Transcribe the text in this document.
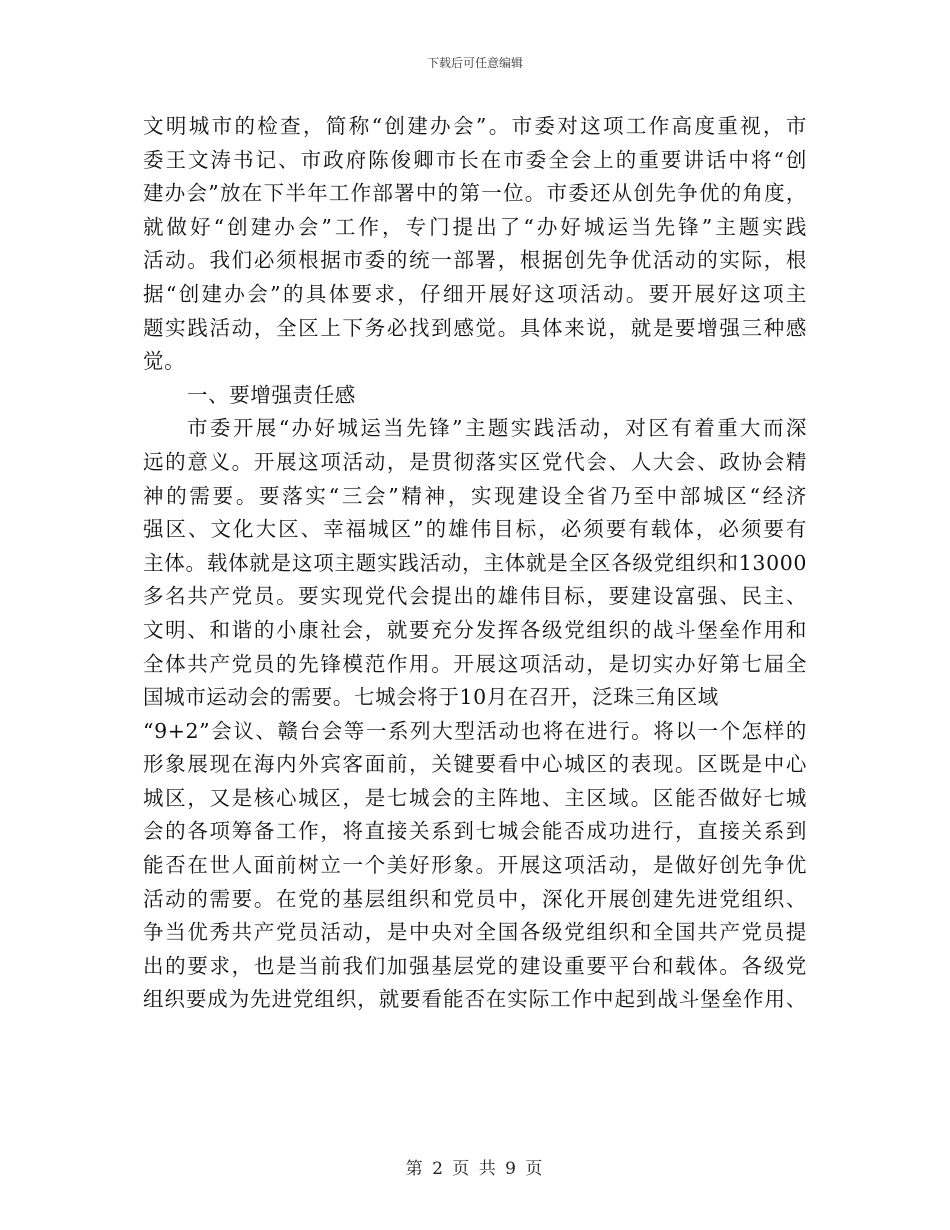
下载后可任意编辑
文明城市的检查，简称“创建办会”。市委对这项工作高度重视，市
委王文涛书记、市政府陈俊卿市长在市委全会上的重要讲话中将“创
建办会”放在下半年工作部署中的第一位。市委还从创先争优的角度，
就做好“创建办会”工作，专门提出了“办好城运当先锋”主题实践
活动。我们必须根据市委的统一部署，根据创先争优活动的实际，根
据“创建办会”的具体要求，仔细开展好这项活动。要开展好这项主
题实践活动，全区上下务必找到感觉。具体来说，就是要增强三种感
觉。
一、要增强责任感
市委开展“办好城运当先锋”主题实践活动，对区有着重大而深
远的意义。开展这项活动，是贯彻落实区党代会、人大会、政协会精
神的需要。要落实“三会”精神，实现建设全省乃至中部城区“经济
强区、文化大区、幸福城区”的雄伟目标，必须要有载体，必须要有
主体。载体就是这项主题实践活动，主体就是全区各级党组织和13000
多名共产党员。要实现党代会提出的雄伟目标，要建设富强、民主、
文明、和谐的小康社会，就要充分发挥各级党组织的战斗堡垒作用和
全体共产党员的先锋模范作用。开展这项活动，是切实办好第七届全
国城市运动会的需要。七城会将于10月在召开，泛珠三角区域
“9+2”会议、赣台会等一系列大型活动也将在进行。将以一个怎样的
形象展现在海内外宾客面前，关键要看中心城区的表现。区既是中心
城区，又是核心城区，是七城会的主阵地、主区域。区能否做好七城
会的各项筹备工作，将直接关系到七城会能否成功进行，直接关系到
能否在世人面前树立一个美好形象。开展这项活动，是做好创先争优
活动的需要。在党的基层组织和党员中，深化开展创建先进党组织、
争当优秀共产党员活动，是中央对全国各级党组织和全国共产党员提
出的要求，也是当前我们加强基层党的建设重要平台和载体。各级党
组织要成为先进党组织，就要看能否在实际工作中起到战斗堡垒作用、
第 2 页 共 9 页
